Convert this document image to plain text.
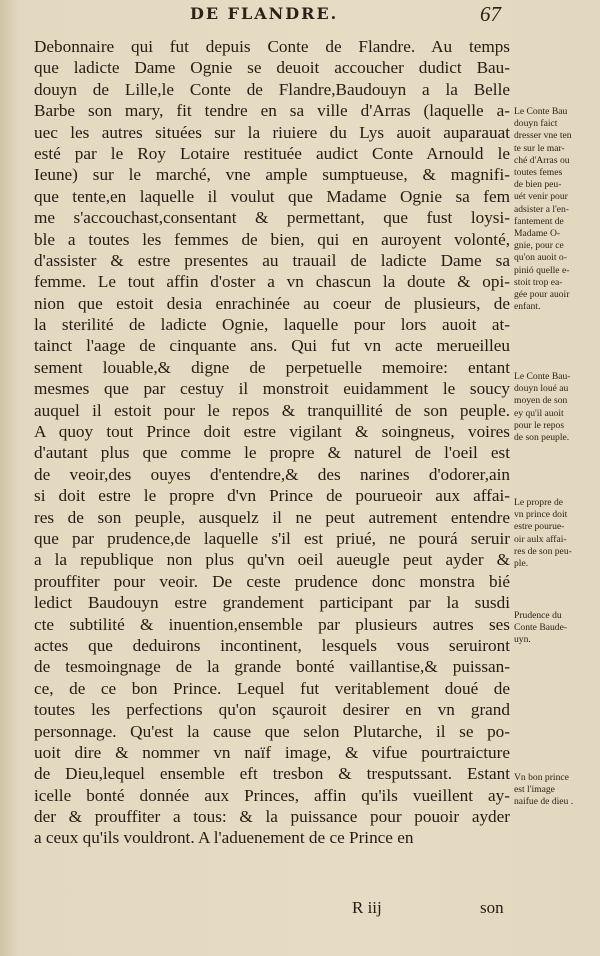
DE FLANDRE.	67
Debonnaire qui fut depuis Conte de Flandre. Au temps
que ladicte Dame Ognie se deuoit accoucher dudict Bau-
douyn de Lille,le Conte de Flandre,Baudouyn a la Belle
Barbe son mary, fit tendre en sa ville d'Arras (laquelle a-
uec les autres situées sur la riuiere du Lys auoit auparauat
esté par le Roy Lotaire restituée audict Conte Arnould le
Ieune) sur le marché, vne ample sumptueuse, & magnifi-
que tente,en laquelle il voulut que Madame Ognie sa fem
me s'accouchast,consentant & permettant, que fust loysi-
ble a toutes les femmes de bien, qui en auroyent volonté,
d'assister & estre presentes au trauail de ladicte Dame sa
femme. Le tout affin d'oster a vn chascun la doute & opi-
nion que estoit desia enrachinée au coeur de plusieurs, de
la sterilité de ladicte Ognie, laquelle pour lors auoit at-
tainct l'aage de cinquante ans. Qui fut vn acte merueilleu
sement louable,& digne de perpetuelle memoire: entant
mesmes que par cestuy il monstroit euidamment le soucy
auquel il estoit pour le repos & tranquillité de son peuple.
A quoy tout Prince doit estre vigilant & soingneus, voires
d'autant plus que comme le propre & naturel de l'oeil est
de veoir,des ouyes d'entendre,& des narines d'odorer,ain
si doit estre le propre d'vn Prince de pourueoir aux affai-
res de son peuple, ausquelz il ne peut autrement entendre
que par prudence,de laquelle s'il est priué, ne pourá seruir
a la republique non plus qu'vn oeil aueugle peut ayder &
prouffiter pour veoir. De ceste prudence donc monstra bié
ledict Baudouyn estre grandement participant par la susdi
cte subtilité & inuention,ensemble par plusieurs autres ses
actes que deduirons incontinent, lesquels vous seruiront
de tesmoingnage de la grande bonté vaillantise,& puissan-
ce, de ce bon Prince. Lequel fut veritablement doué de
toutes les perfections qu'on sçauroit desirer en vn grand
personnage. Qu'est la cause que selon Plutarche, il se po-
uoit dire & nommer vn naïf image, & vifue pourtraicture
de Dieu,lequel ensemble eft tresbon & tresputssant. Estant
icelle bonté donnée aux Princes, affin qu'ils vueillent ay-
der & prouffiter a tous: & la puissance pour pouoir ayder
a ceux qu'ils vouldront. A l'aduenement de ce Prince en
Le Conte Bau
douyn faict
dresser vne ten
te sur le mar-
ché d'Arras ou
toutes femes
de bien peu-
uét venir pour
adsister a l'en-
fantement de
Madame O-
gnie, pour ce
qu'on auoit o-
pinió quelle e-
stoit trop ea-
gée pour auoir
enfant.
Le Conte Bau-
douyn loué au
moyen de son
ey qu'il auoit
pour le repos
de son peuple.
Le propre de
vn prince doit
estre pourue-
oir aulx affai-
res de son peu-
ple.
Prudence du
Conte Baude-
uyn.
Vn bon prince
est l'image
naifue de dieu .
R iij	son
